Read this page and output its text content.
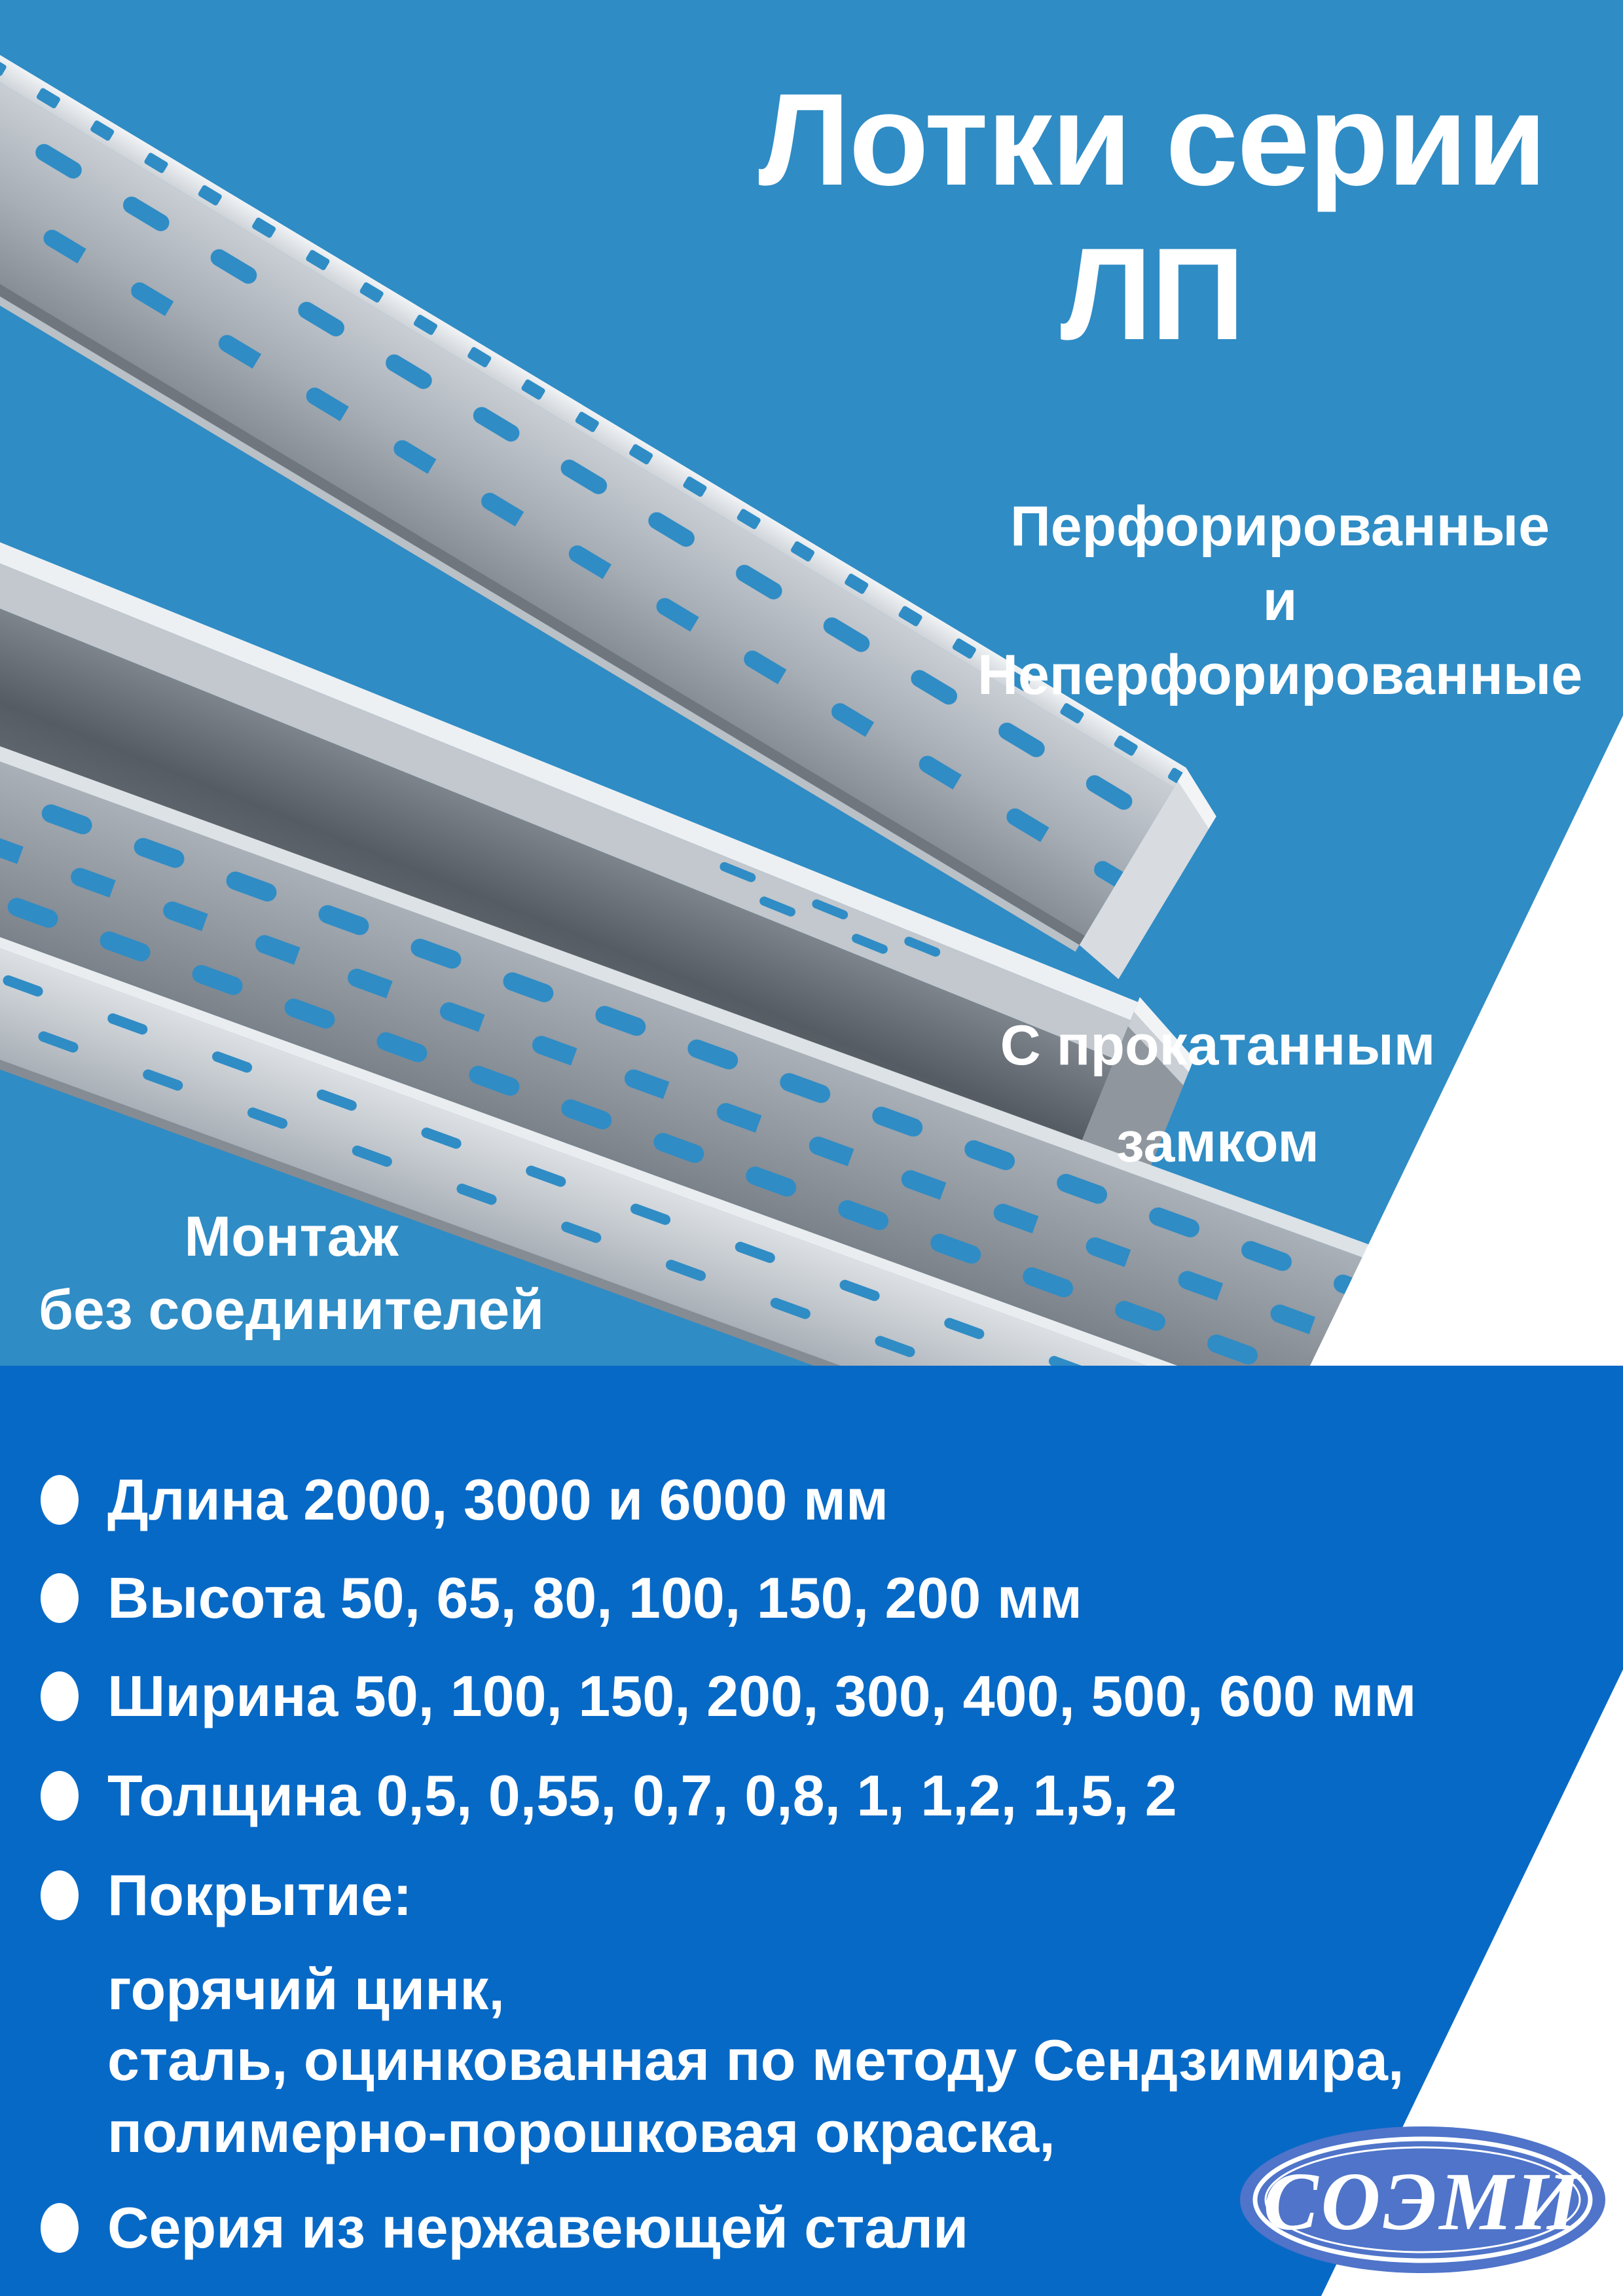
Лотки серии
ЛП
Перфорированные
и
Неперфорированные
С прокатанным
замком
Монтаж
без соединителей
Длина 2000, 3000 и 6000 мм
Высота 50, 65, 80, 100, 150, 200 мм
Ширина 50, 100, 150, 200, 300, 400, 500, 600 мм
Толщина 0,5, 0,55, 0,7, 0,8, 1, 1,2, 1,5, 2
Покрытие:
горячий цинк,
сталь, оцинкованная по методу Сендзимира,
полимерно-порошковая окраска,
Серия из нержавеющей стали	СОЭМИ
